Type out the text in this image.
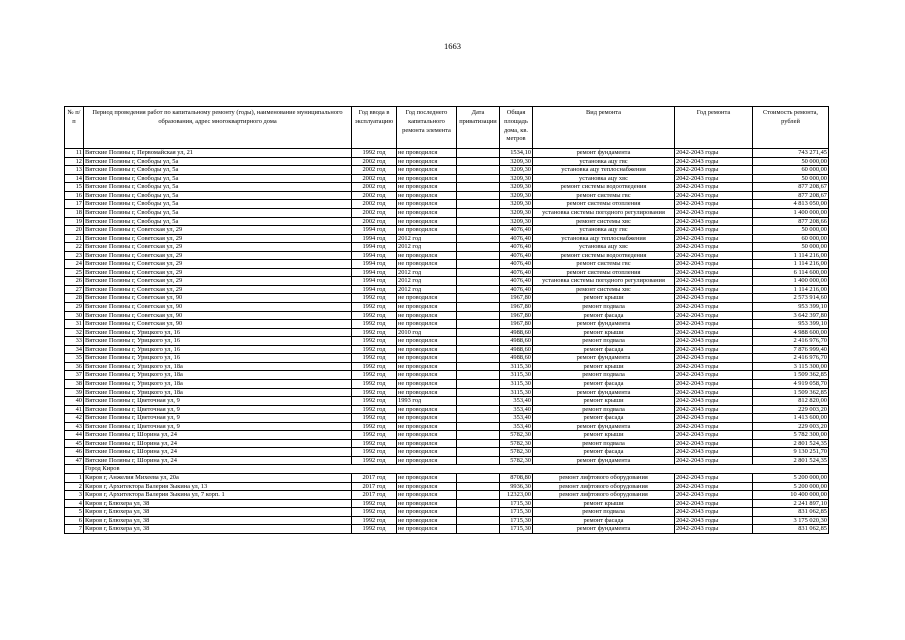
1663
№ п/п	Период проведения работ по капитальному ремонту (годы), наименование муниципального образования, адрес многоквартирного дома	Год ввода в эксплуатацию	Год последнего капитального ремонта элемента	Дата приватизации	Общая площадь дома, кв. метров	Вид ремонта	Год ремонта	Стоимость ремонта, рублей
11	Вятские Поляны г, Первомайская ул, 21	1992 год	не проводился		1534,10	ремонт фундамента	2042-2043 годы	743 271,45
12	Вятские Поляны г, Свободы ул, 5а	2002 год	не проводился		3209,30	установка ацу гвс	2042-2043 годы	50 000,00
13	Вятские Поляны г, Свободы ул, 5а	2002 год	не проводился		3209,30	установка ацу теплоснабжения	2042-2043 годы	60 000,00
14	Вятские Поляны г, Свободы ул, 5а	2002 год	не проводился		3209,30	установка ацу хвс	2042-2043 годы	50 000,00
15	Вятские Поляны г, Свободы ул, 5а	2002 год	не проводился		3209,30	ремонт системы водоотведения	2042-2043 годы	877 208,67
16	Вятские Поляны г, Свободы ул, 5а	2002 год	не проводился		3209,30	ремонт системы гвс	2042-2043 годы	877 208,67
17	Вятские Поляны г, Свободы ул, 5а	2002 год	не проводился		3209,30	ремонт системы отопления	2042-2043 годы	4 813 050,00
18	Вятские Поляны г, Свободы ул, 5а	2002 год	не проводился		3209,30	установка системы погодного регулирования	2042-2043 годы	1 400 000,00
19	Вятские Поляны г, Свободы ул, 5а	2002 год	не проводился		3209,30	ремонт системы хвс	2042-2043 годы	877 208,66
20	Вятские Поляны г, Советская ул, 29	1994 год	не проводился		4076,40	установка ацу гвс	2042-2043 годы	50 000,00
21	Вятские Поляны г, Советская ул, 29	1994 год	2012 год		4076,40	установка ацу теплоснабжения	2042-2043 годы	60 000,00
22	Вятские Поляны г, Советская ул, 29	1994 год	2012 год		4076,40	установка ацу хвс	2042-2043 годы	50 000,00
23	Вятские Поляны г, Советская ул, 29	1994 год	не проводился		4076,40	ремонт системы водоотведения	2042-2043 годы	1 114 216,00
24	Вятские Поляны г, Советская ул, 29	1994 год	не проводился		4076,40	ремонт системы гвс	2042-2043 годы	1 114 216,00
25	Вятские Поляны г, Советская ул, 29	1994 год	2012 год		4076,40	ремонт системы отопления	2042-2043 годы	6 114 600,00
26	Вятские Поляны г, Советская ул, 29	1994 год	2012 год		4076,40	установка системы погодного регулирования	2042-2043 годы	1 400 000,00
27	Вятские Поляны г, Советская ул, 29	1994 год	2012 год		4076,40	ремонт системы хвс	2042-2043 годы	1 114 216,00
28	Вятские Поляны г, Советская ул, 90	1992 год	не проводился		1967,80	ремонт крыши	2042-2043 годы	2 573 914,60
29	Вятские Поляны г, Советская ул, 90	1992 год	не проводился		1967,80	ремонт подвала	2042-2043 годы	953 399,10
30	Вятские Поляны г, Советская ул, 90	1992 год	не проводился		1967,80	ремонт фасада	2042-2043 годы	3 642 397,80
31	Вятские Поляны г, Советская ул, 90	1992 год	не проводился		1967,80	ремонт фундамента	2042-2043 годы	953 399,10
32	Вятские Поляны г, Урицкого ул, 16	1992 год	2010 год		4988,60	ремонт крыши	2042-2043 годы	4 988 600,00
33	Вятские Поляны г, Урицкого ул, 16	1992 год	не проводился		4988,60	ремонт подвала	2042-2043 годы	2 416 976,70
34	Вятские Поляны г, Урицкого ул, 16	1992 год	не проводился		4988,60	ремонт фасада	2042-2043 годы	7 876 999,40
35	Вятские Поляны г, Урицкого ул, 16	1992 год	не проводился		4988,60	ремонт фундамента	2042-2043 годы	2 416 976,70
36	Вятские Поляны г, Урицкого ул, 18а	1992 год	не проводился		3115,30	ремонт крыши	2042-2043 годы	3 115 300,00
37	Вятские Поляны г, Урицкого ул, 18а	1992 год	не проводился		3115,30	ремонт подвала	2042-2043 годы	1 509 362,85
38	Вятские Поляны г, Урицкого ул, 18а	1992 год	не проводился		3115,30	ремонт фасада	2042-2043 годы	4 919 058,70
39	Вятские Поляны г, Урицкого ул, 18а	1992 год	не проводился		3115,30	ремонт фундамента	2042-2043 годы	1 509 362,85
40	Вятские Поляны г, Цветочная ул, 9	1992 год	1993 год		353,40	ремонт крыши	2042-2043 годы	812 820,00
41	Вятские Поляны г, Цветочная ул, 9	1992 год	не проводился		353,40	ремонт подвала	2042-2043 годы	229 003,20
42	Вятские Поляны г, Цветочная ул, 9	1992 год	не проводился		353,40	ремонт фасада	2042-2043 годы	1 413 600,00
43	Вятские Поляны г, Цветочная ул, 9	1992 год	не проводился		353,40	ремонт фундамента	2042-2043 годы	229 003,20
44	Вятские Поляны г, Шорина ул, 24	1992 год	не проводился		5782,30	ремонт крыши	2042-2043 годы	5 782 300,00
45	Вятские Поляны г, Шорина ул, 24	1992 год	не проводился		5782,30	ремонт подвала	2042-2043 годы	2 801 524,35
46	Вятские Поляны г, Шорина ул, 24	1992 год	не проводился		5782,30	ремонт фасада	2042-2043 годы	9 130 251,70
47	Вятские Поляны г, Шорина ул, 24	1992 год	не проводился		5782,30	ремонт фундамента	2042-2043 годы	2 801 524,35
	Город Киров							
1	Киров г, Анжелия Михеева ул, 20а	2017 год	не проводился		8708,80	ремонт лифтового оборудования	2042-2043 годы	5 200 000,00
2	Киров г, Архитектора Валерия Зыкина ул, 13	2017 год	не проводился		9936,30	ремонт лифтового оборудования	2042-2043 годы	5 200 000,00
3	Киров г, Архитектора Валерия Зыкина ул, 7 корп. 1	2017 год	не проводился		12323,00	ремонт лифтового оборудования	2042-2043 годы	10 400 000,00
4	Киров г, Блюхера ул, 38	1992 год	не проводился		1715,30	ремонт крыши	2042-2043 годы	2 241 897,10
5	Киров г, Блюхера ул, 38	1992 год	не проводился		1715,30	ремонт подвала	2042-2043 годы	831 062,85
6	Киров г, Блюхера ул, 38	1992 год	не проводился		1715,30	ремонт фасада	2042-2043 годы	3 175 020,30
7	Киров г, Блюхера ул, 38	1992 год	не проводился		1715,30	ремонт фундамента	2042-2043 годы	831 062,85
